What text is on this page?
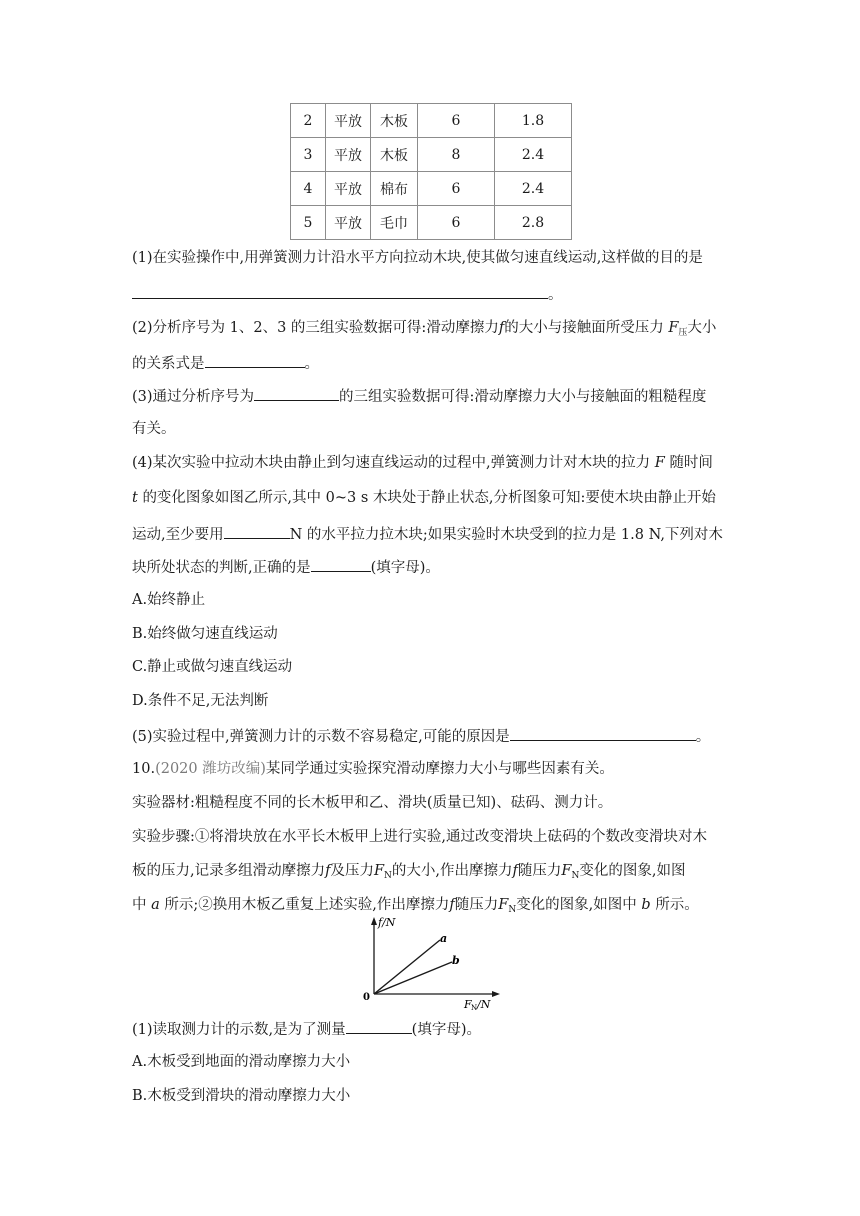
2	平放	木板	6	1.8
3	平放	木板	8	2.4
4	平放	棉布	6	2.4
5	平放	毛巾	6	2.8
(1)在实验操作中,用弹簧测力计沿水平方向拉动木块,使其做匀速直线运动,这样做的目的是
。
(2)分析序号为 1、2、3 的三组实验数据可得:滑动摩擦力f的大小与接触面所受压力 $F_压$大小
的关系式是	。
(3)通过分析序号为	的三组实验数据可得:滑动摩擦力大小与接触面的粗糙程度
有关。
(4)某次实验中拉动木块由静止到匀速直线运动的过程中,弹簧测力计对木块的拉力 F 随时间
t 的变化图象如图乙所示,其中 0~3 s 木块处于静止状态,分析图象可知:要使木块由静止开始
运动,至少要用	N 的水平拉力拉木块;如果实验时木块受到的拉力是 1.8 N,下列对木
块所处状态的判断,正确的是	(填字母)。
A.始终静止
B.始终做匀速直线运动
C.静止或做匀速直线运动
D.条件不足,无法判断
(5)实验过程中,弹簧测力计的示数不容易稳定,可能的原因是	。
10.(2020 潍坊改编)某同学通过实验探究滑动摩擦力大小与哪些因素有关。
实验器材:粗糙程度不同的长木板甲和乙、滑块(质量已知)、砝码、测力计。
实验步骤:①将滑块放在水平长木板甲上进行实验,通过改变滑块上砝码的个数改变滑块对木
板的压力,记录多组滑动摩擦力f及压力$F_N$的大小,作出摩擦力f随压力$F_N$变化的图象,如图
中 a 所示;②换用木板乙重复上述实验,作出摩擦力f随压力$F_N$变化的图象,如图中 b 所示。
f/N
0
a
b
F N /N
(1)读取测力计的示数,是为了测量	(填字母)。
A.木板受到地面的滑动摩擦力大小
B.木板受到滑块的滑动摩擦力大小
